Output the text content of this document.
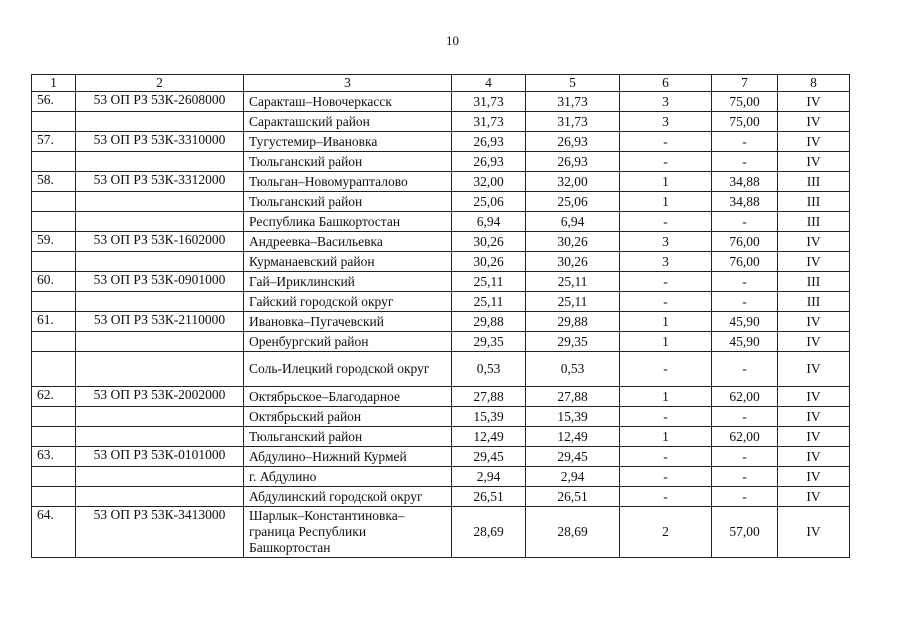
10
1	2	3	4	5	6	7	8
56.	53 ОП РЗ 53К-2608000	Саракташ–Новочеркасск	31,73	31,73	3	75,00	IV
		Саракташский район	31,73	31,73	3	75,00	IV
57.	53 ОП РЗ 53К-3310000	Тугустемир–Ивановка	26,93	26,93	-	-	IV
		Тюльганский район	26,93	26,93	-	-	IV
58.	53 ОП РЗ 53К-3312000	Тюльган–Новомурапталово	32,00	32,00	1	34,88	III
		Тюльганский район	25,06	25,06	1	34,88	III
		Республика Башкортостан	6,94	6,94	-	-	III
59.	53 ОП РЗ 53К-1602000	Андреевка–Васильевка	30,26	30,26	3	76,00	IV
		Курманаевский район	30,26	30,26	3	76,00	IV
60.	53 ОП РЗ 53К-0901000	Гай–Ириклинский	25,11	25,11	-	-	III
		Гайский городской округ	25,11	25,11	-	-	III
61.	53 ОП РЗ 53К-2110000	Ивановка–Пугачевский	29,88	29,88	1	45,90	IV
		Оренбургский район	29,35	29,35	1	45,90	IV
		Соль-Илецкий городской округ	0,53	0,53	-	-	IV
62.	53 ОП РЗ 53К-2002000	Октябрьское–Благодарное	27,88	27,88	1	62,00	IV
		Октябрьский район	15,39	15,39	-	-	IV
		Тюльганский район	12,49	12,49	1	62,00	IV
63.	53 ОП РЗ 53К-0101000	Абдулино–Нижний Курмей	29,45	29,45	-	-	IV
		г. Абдулино	2,94	2,94	-	-	IV
		Абдулинский городской округ	26,51	26,51	-	-	IV
64.	53 ОП РЗ 53К-3413000	Шарлык–Константиновка–граница Республики Башкортостан	28,69	28,69	2	57,00	IV
